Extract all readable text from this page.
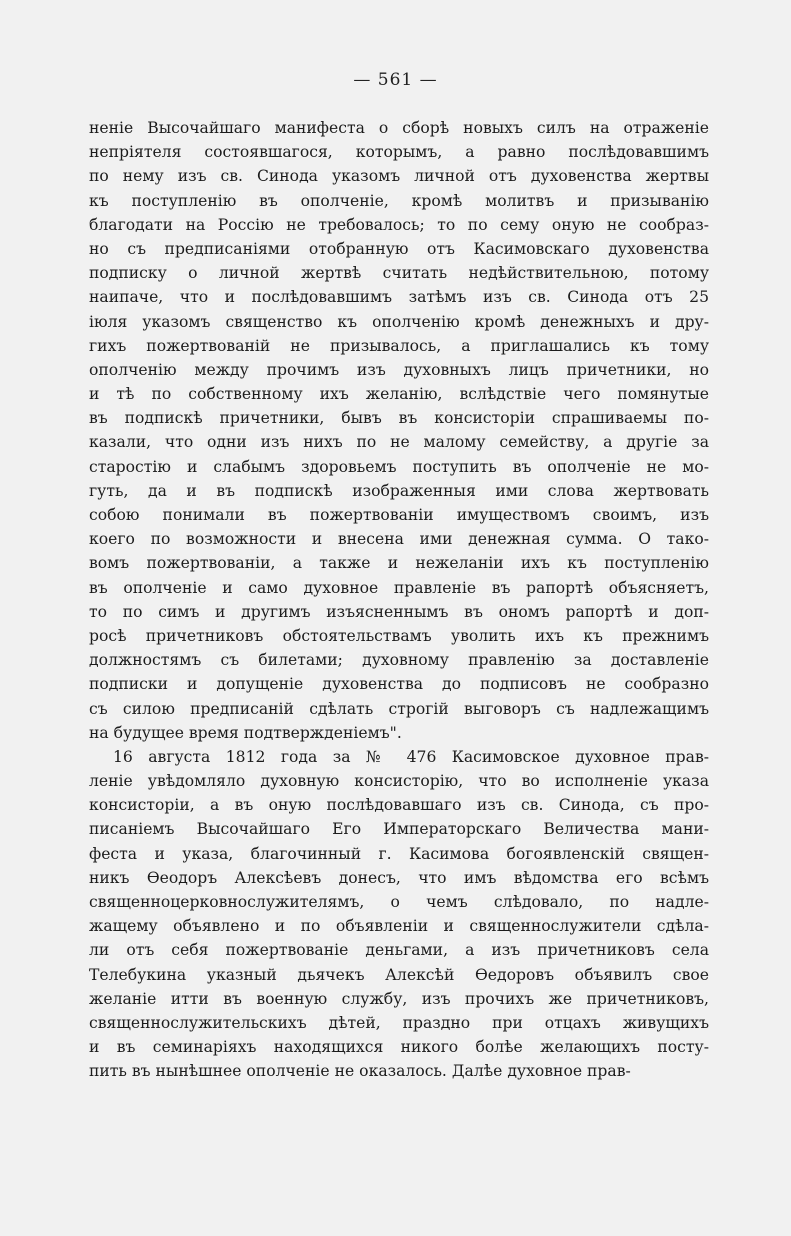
— 561 —
неніе Высочайшаго манифеста о сборѣ новыхъ силъ на отраженіе
непріятеля состоявшагося, которымъ, а равно послѣдовавшимъ
по нему изъ св. Синода указомъ личной отъ духовенства жертвы
къ поступленію въ ополченіе, кромѣ молитвъ и призыванію
благодати на Россію не требовалось; то по сему оную не сообраз-
но съ предписаніями отобранную отъ Касимовскаго духовенства
подписку о личной жертвѣ считать недѣйствительною, потому
наипаче, что и послѣдовавшимъ затѣмъ изъ св. Синода отъ 25
іюля указомъ священство къ ополченію кромѣ денежныхъ и дру-
гихъ пожертвованій не призывалось, а приглашались къ тому
ополченію между прочимъ изъ духовныхъ лицъ причетники, но
и тѣ по собственному ихъ желанію, вслѣдствіе чего помянутые
въ подпискѣ причетники, бывъ въ консисторіи спрашиваемы по-
казали, что одни изъ нихъ по не малому семейству, а другіе за
старостію и слабымъ здоровьемъ поступить въ ополченіе не мо-
гуть, да и въ подпискѣ изображенныя ими слова жертвовать
собою понимали въ пожертвованіи имуществомъ своимъ, изъ
коего по возможности и внесена ими денежная сумма. О тако-
вомъ пожертвованіи, а также и нежеланіи ихъ къ поступленію
въ ополченіе и само духовное правленіе въ рапортѣ объясняетъ,
то по симъ и другимъ изъясненнымъ въ ономъ рапортѣ и доп-
росѣ причетниковъ обстоятельствамъ уволить ихъ къ прежнимъ
должностямъ съ билетами; духовному правленію за доставленіе
подписки и допущеніе духовенства до подписовъ не сообразно
съ силою предписаній сдѣлать строгій выговоръ съ надлежащимъ
на будущее время подтвержденіемъ".
16 августа 1812 года за № 476 Касимовское духовное прав-
леніе увѣдомляло духовную консисторію, что во исполненіе указа
консисторіи, а въ оную послѣдовавшаго изъ св. Синода, съ про-
писаніемъ Высочайшаго Его Императорскаго Величества мани-
феста и указа, благочинный г. Касимова богоявленскій священ-
никъ Ѳеодоръ Алексѣевъ донесъ, что имъ вѣдомства его всѣмъ
священноцерковнослужителямъ, о чемъ слѣдовало, по надле-
жащему объявлено и по объявленіи и священнослужители сдѣла-
ли отъ себя пожертвованіе деньгами, а изъ причетниковъ села
Телебукина указный дьячекъ Алексѣй Ѳедоровъ объявилъ свое
желаніе итти въ военную службу, изъ прочихъ же причетниковъ,
священнослужительскихъ дѣтей, праздно при отцахъ живущихъ
и въ семинаріяхъ находящихся никого болѣе желающихъ посту-
пить въ нынѣшнее ополченіе не оказалось. Далѣе духовное прав-
